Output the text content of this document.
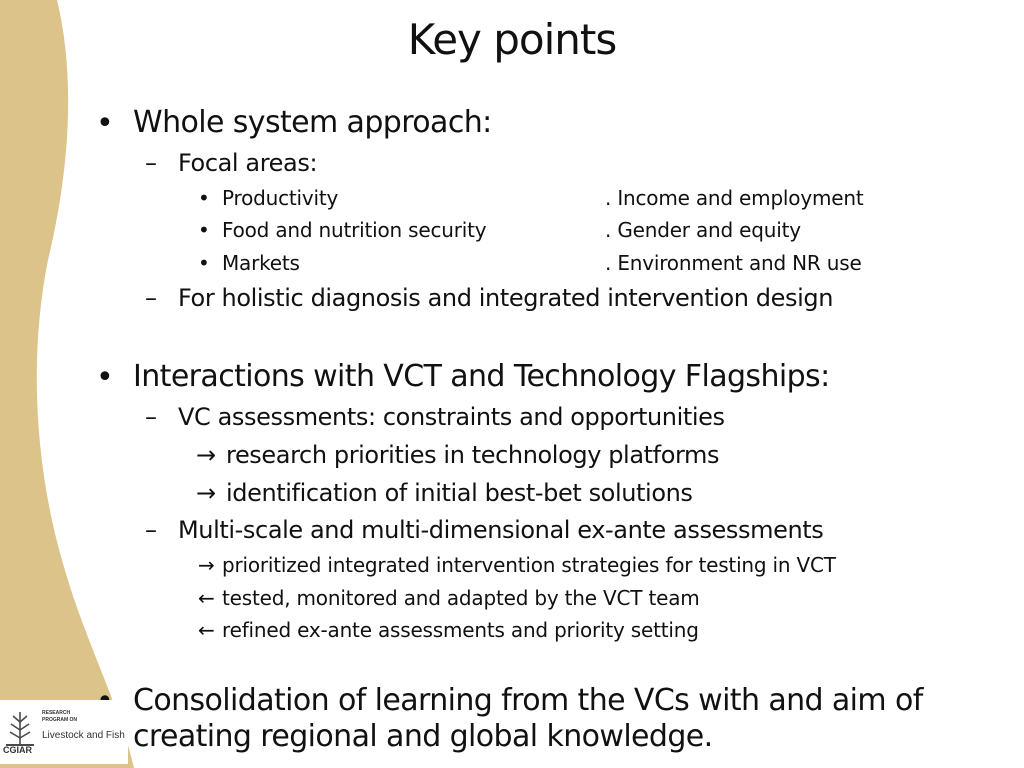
Key points
• Whole system approach:
– Focal areas:
• Productivity	. Income and employment
• Food and nutrition security	. Gender and equity
• Markets	. Environment and NR use
– For holistic diagnosis and integrated intervention design
• Interactions with VCT and Technology Flagships:
– VC assessments: constraints and opportunities
→ research priorities in technology platforms
→ identification of initial best-bet solutions
– Multi-scale and multi-dimensional ex-ante assessments
→ prioritized integrated intervention strategies for testing in VCT
← tested, monitored and adapted by the VCT team
← refined ex-ante assessments and priority setting
Consolidation of learning from the VCs with and aim of
creating regional and global knowledge.
RESEARCH
PROGRAM ON
Livestock and Fish
CGIAR
